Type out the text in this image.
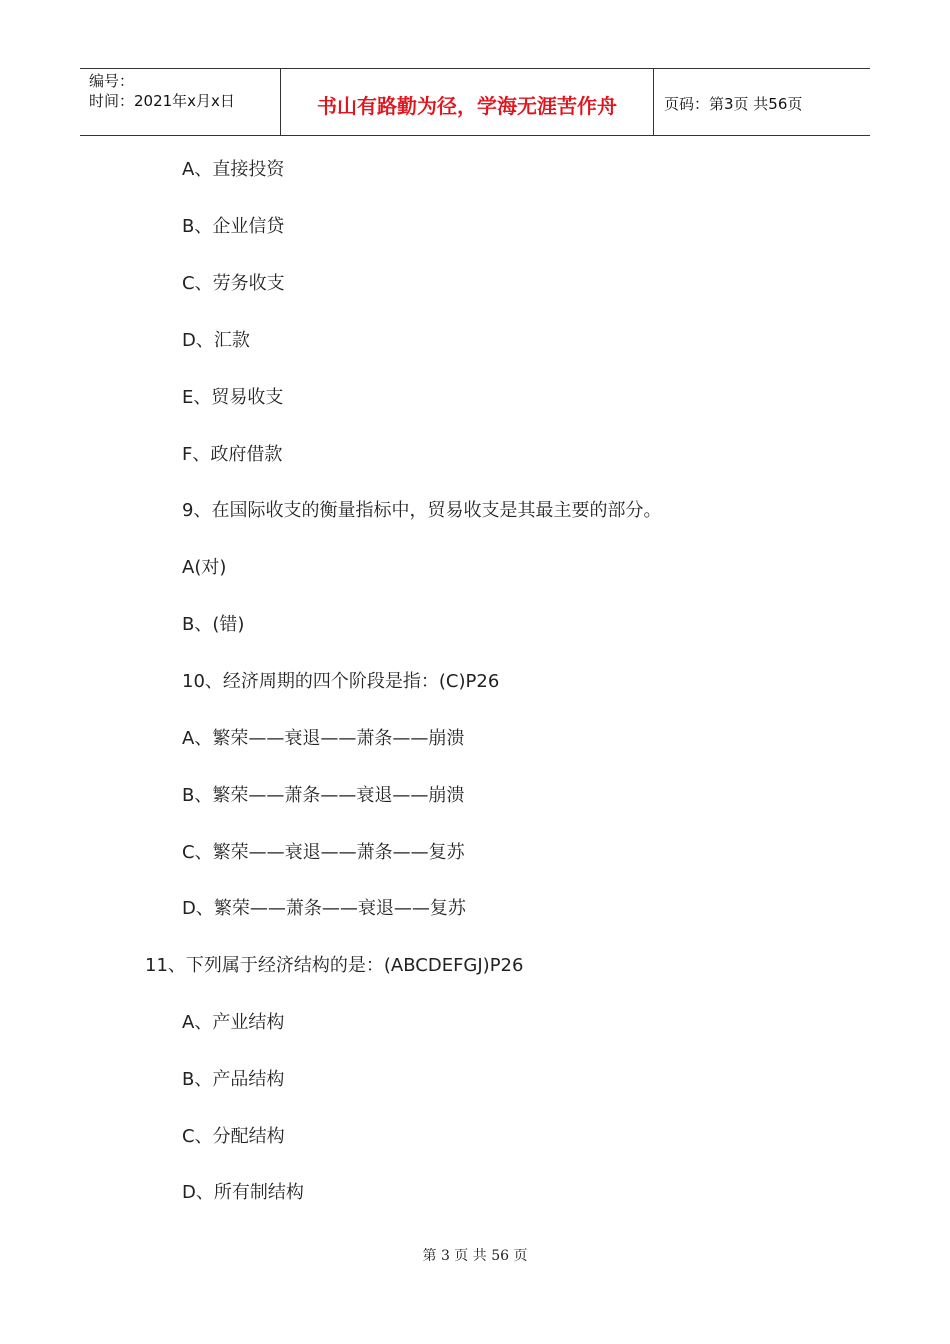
编号：
时间：2021年x月x日	书山有路勤为径，学海无涯苦作舟	页码：第3页 共56页
A、直接投资
B、企业信贷
C、劳务收支
D、汇款
E、贸易收支
F、政府借款
9、在国际收支的衡量指标中，贸易收支是其最主要的部分。
A(对)
B、(错)
10、经济周期的四个阶段是指：(C)P26
A、繁荣——衰退——萧条——崩溃
B、繁荣——萧条——衰退——崩溃
C、繁荣——衰退——萧条——复苏
D、繁荣——萧条——衰退——复苏
11、下列属于经济结构的是：(ABCDEFGJ)P26
A、产业结构
B、产品结构
C、分配结构
D、所有制结构
第 3 页 共 56 页
